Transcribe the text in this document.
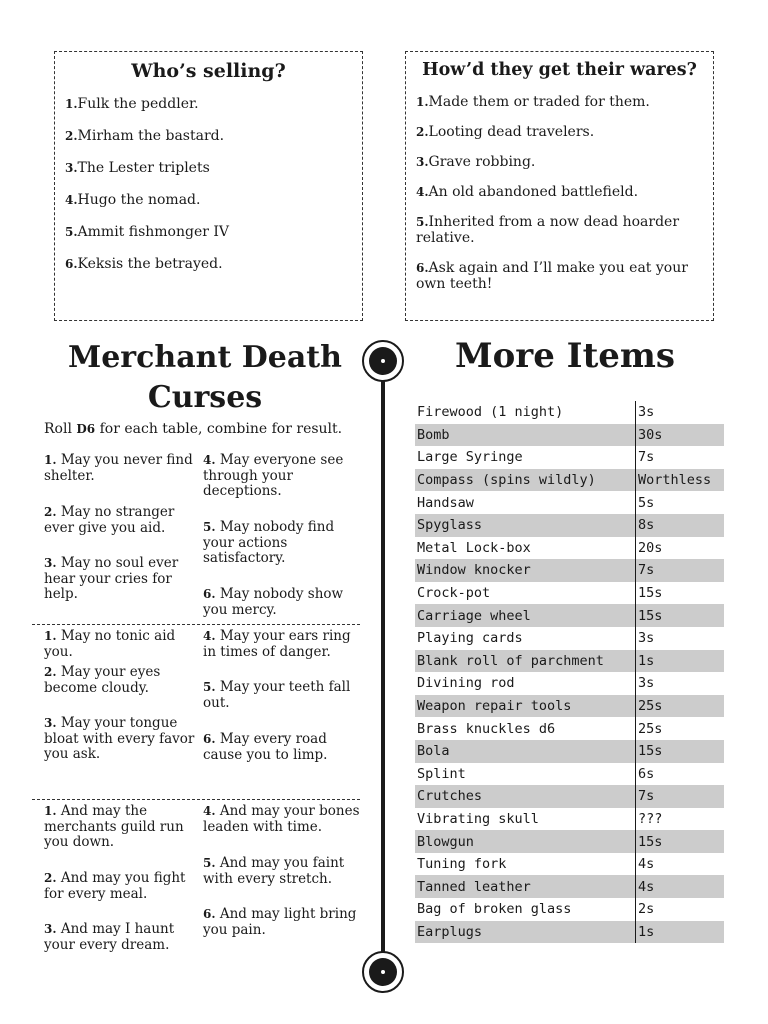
Who’s selling?
1.Fulk the peddler.
2.Mirham the bastard.
3.The Lester triplets
4.Hugo the nomad.
5.Ammit fishmonger IV
6.Keksis the betrayed.
How’d they get their wares?
1.Made them or traded for them.
2.Looting dead travelers.
3.Grave robbing.
4.An old abandoned battlefield.
5.Inherited from a now dead hoarder relative.
6.Ask again and I’ll make you eat your own teeth!
Merchant Death
Curses
Roll D6 for each table, combine for result.
1. May you never find shelter.
2. May no stranger ever give you aid.
3. May no soul ever hear your cries for help.
4. May everyone see through your deceptions.
5. May nobody find your actions satisfactory.
6. May nobody show you mercy.
1. May no tonic aid you.
2. May your eyes become cloudy.
3. May your tongue bloat with every favor you ask.
4. May your ears ring in times of danger.
5. May your teeth fall out.
6. May every road cause you to limp.
1. And may the merchants guild run you down.
2. And may you fight for every meal.
3. And may I haunt your every dream.
4. And may your bones leaden with time.
5. And may you faint with every stretch.
6. And may light bring you pain.
More Items
Firewood (1 night)	3s
Bomb	30s
Large Syringe	7s
Compass (spins wildly)	Worthless
Handsaw	5s
Spyglass	8s
Metal Lock-box	20s
Window knocker	7s
Crock-pot	15s
Carriage wheel	15s
Playing cards	3s
Blank roll of parchment	1s
Divining rod	3s
Weapon repair tools	25s
Brass knuckles d6	25s
Bola	15s
Splint	6s
Crutches	7s
Vibrating skull	???
Blowgun	15s
Tuning fork	4s
Tanned leather	4s
Bag of broken glass	2s
Earplugs	1s
